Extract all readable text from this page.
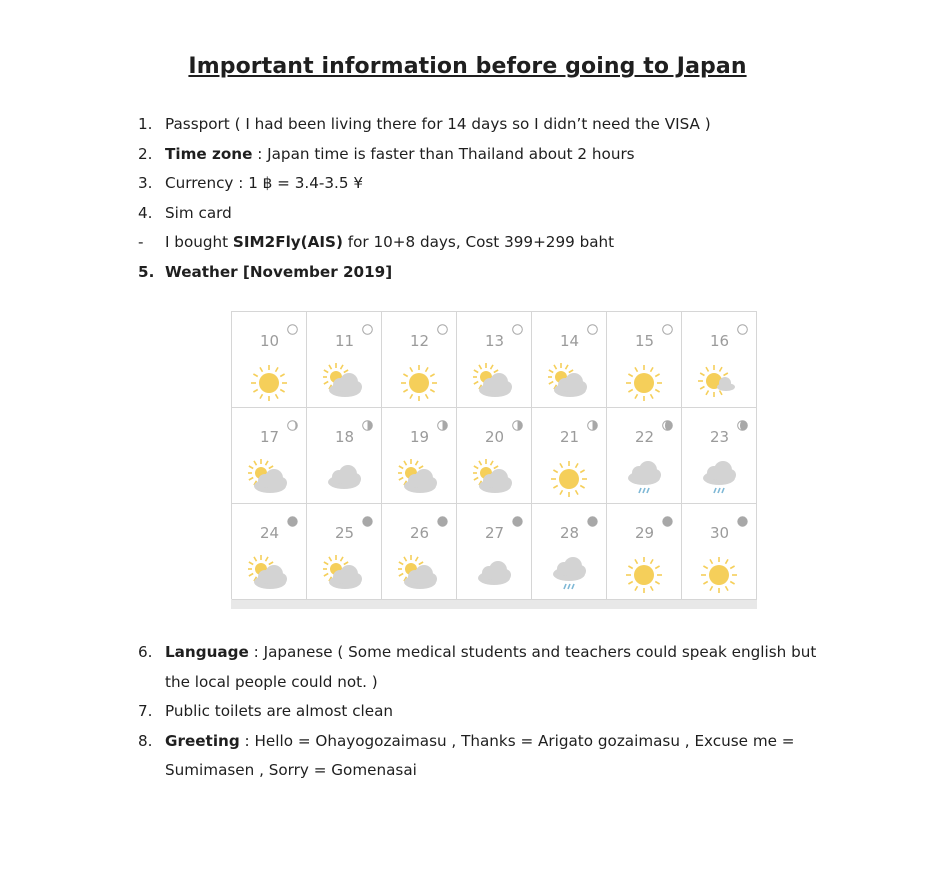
Important information before going to Japan
1. Passport ( I had been living there for 14 days so I didn’t need the VISA )
2. Time zone : Japan time is faster than Thailand about 2 hours
3. Currency : 1 ฿ = 3.4-3.5 ¥
4. Sim card
-	I bought SIM2Fly(AIS) for 10+8 days, Cost 399+299 baht
5. Weather [November 2019]
10	11	12	13	14	15	16
17	18	19	20	21	22	23
24	25	26	27	28	29	30
6. Language : Japanese ( Some medical students and teachers could speak english but
the local people could not. )
7. Public toilets are almost clean
8. Greeting : Hello = Ohayogozaimasu , Thanks = Arigato gozaimasu , Excuse me =
Sumimasen , Sorry = Gomenasai
